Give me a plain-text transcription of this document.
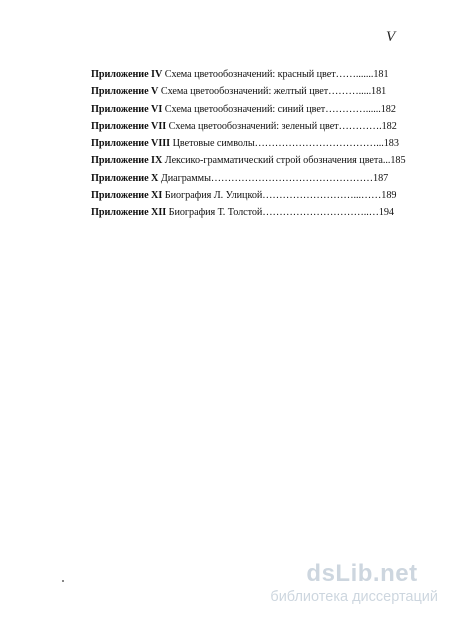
V
Приложение IV Схема цветообозначений: красный цвет…….......181
Приложение V Схема цветообозначений: желтый цвет……….....181
Приложение VI Схема цветообозначений: синий цвет…………......182
Приложение VII Схема цветообозначений: зеленый цвет………….182
Приложение VIII Цветовые символы………………………………...183
Приложение IX Лексико-грамматический строй обозначения цвета...185
Приложение X Диаграммы…………………………………………187
Приложение XI Биография Л. Улицкой………………………...……189
Приложение XII Биография Т. Толстой…………………………..…194
dsLib.net
библиотека диссертаций
